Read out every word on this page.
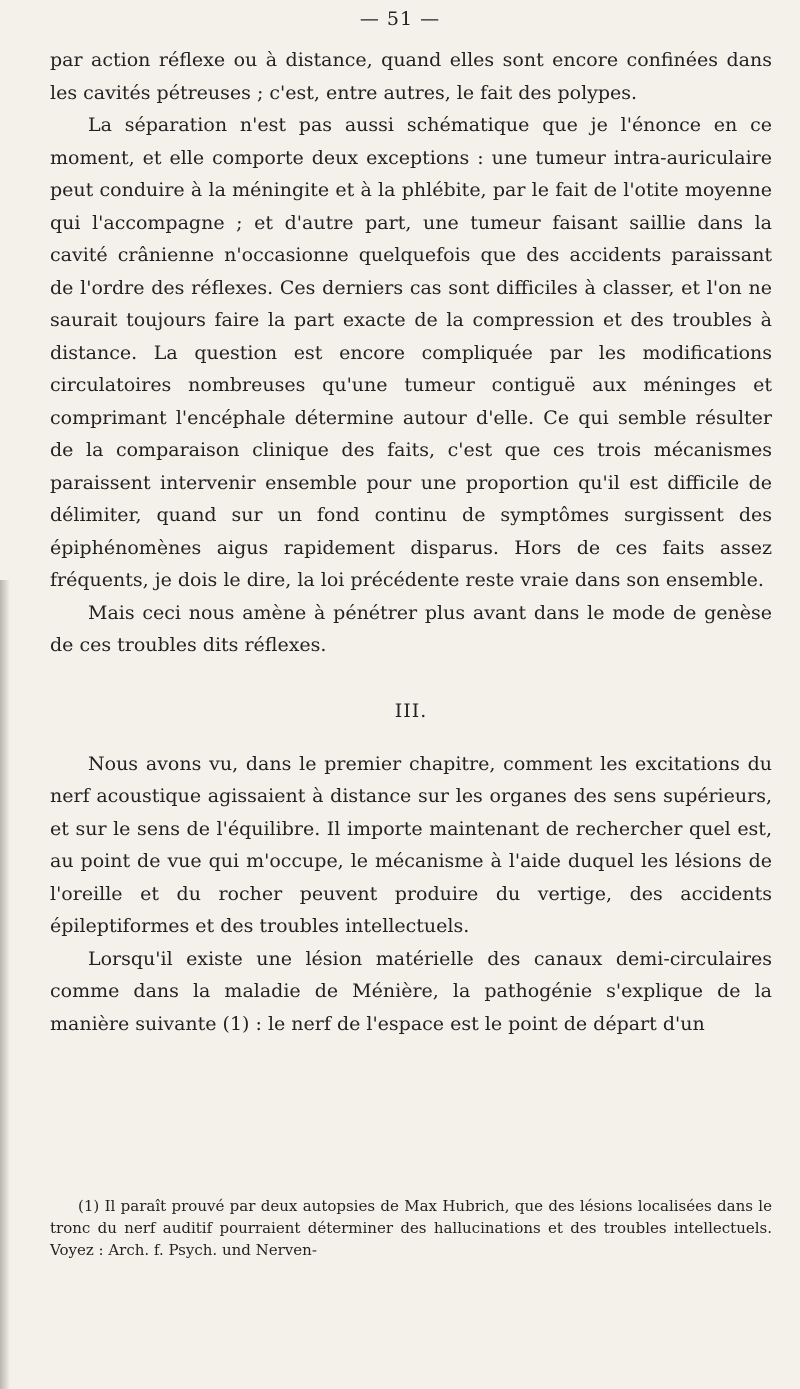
— 51 —

par action réflexe ou à distance, quand elles sont encore confinées dans les cavités pétreuses ; c'est, entre autres, le fait des polypes.

La séparation n'est pas aussi schématique que je l'énonce en ce moment, et elle comporte deux exceptions : une tumeur intra-auriculaire peut conduire à la méningite et à la phlébite, par le fait de l'otite moyenne qui l'accompagne ; et d'autre part, une tumeur faisant saillie dans la cavité crânienne n'occasionne quelquefois que des accidents paraissant de l'ordre des réflexes. Ces derniers cas sont difficiles à classer, et l'on ne saurait toujours faire la part exacte de la compression et des troubles à distance. La question est encore compliquée par les modifications circulatoires nombreuses qu'une tumeur contiguë aux méninges et comprimant l'encéphale détermine autour d'elle. Ce qui semble résulter de la comparaison clinique des faits, c'est que ces trois mécanismes paraissent intervenir ensemble pour une proportion qu'il est difficile de délimiter, quand sur un fond continu de symptômes surgissent des épiphénomènes aigus rapidement disparus. Hors de ces faits assez fréquents, je dois le dire, la loi précédente reste vraie dans son ensemble.

Mais ceci nous amène à pénétrer plus avant dans le mode de genèse de ces troubles dits réflexes.

III.

Nous avons vu, dans le premier chapitre, comment les excitations du nerf acoustique agissaient à distance sur les organes des sens supérieurs, et sur le sens de l'équilibre. Il importe maintenant de rechercher quel est, au point de vue qui m'occupe, le mécanisme à l'aide duquel les lésions de l'oreille et du rocher peuvent produire du vertige, des accidents épileptiformes et des troubles intellectuels.

Lorsqu'il existe une lésion matérielle des canaux demi-circulaires comme dans la maladie de Ménière, la pathogénie s'explique de la manière suivante (1) : le nerf de l'espace est le point de départ d'un

(1) Il paraît prouvé par deux autopsies de Max Hubrich, que des lésions localisées dans le tronc du nerf auditif pourraient déterminer des hallucinations et des troubles intellectuels. Voyez : Arch. f. Psych. und Nerven-
